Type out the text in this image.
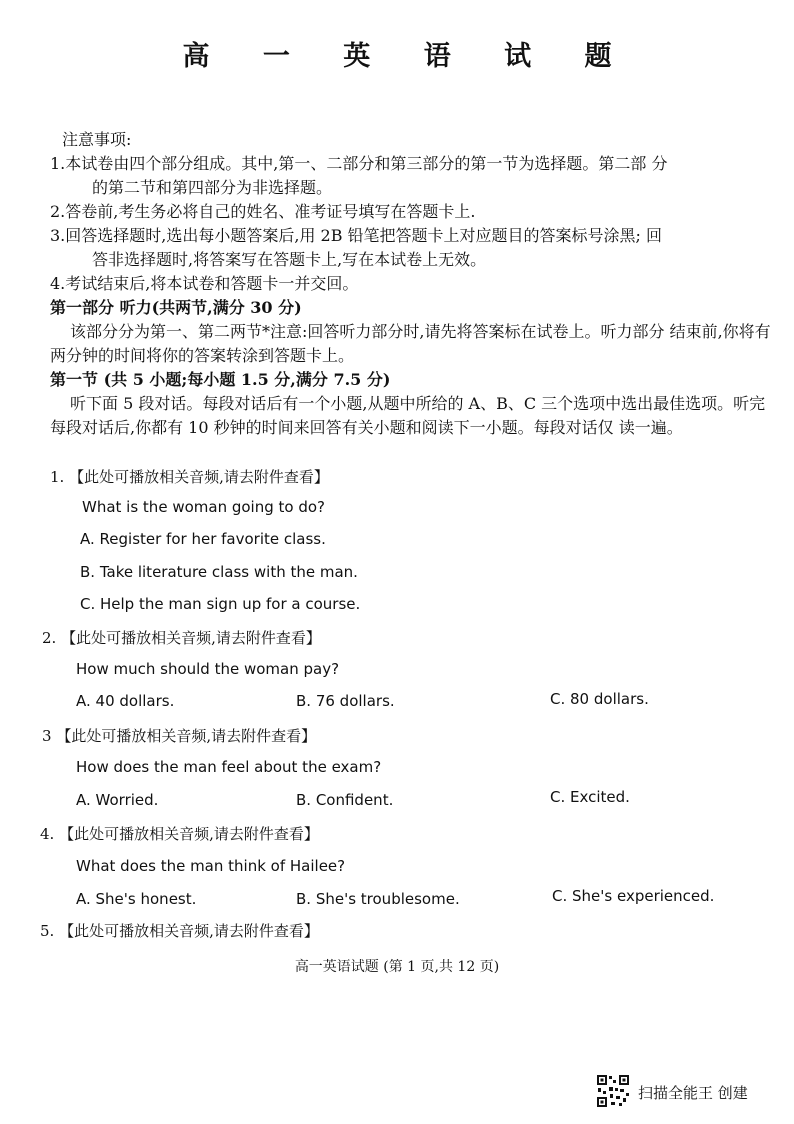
高 一 英 语 试 题
注意事项:
1.本试卷由四个部分组成。其中,第一、二部分和第三部分的第一节为选择题。第二部 分
的第二节和第四部分为非选择题。
2.答卷前,考生务必将自己的姓名、准考证号填写在答题卡上.
3.回答选择题时,选出每小题答案后,用 2B 铅笔把答题卡上对应题目的答案标号涂黑; 回
答非选择题时,将答案写在答题卡上,写在本试卷上无效。
4.考试结束后,将本试卷和答题卡一并交回。
第一部分 听力(共两节,满分 30 分)
该部分分为第一、第二两节*注意:回答听力部分时,请先将答案标在试卷上。听力部分 结束前,你将有两分钟的时间将你的答案转涂到答题卡上。
第一节 (共 5 小题;每小题 1.5 分,满分 7.5 分)
听下面 5 段对话。每段对话后有一个小题,从题中所给的 A、B、C 三个选项中选出最佳选项。听完每段对话后,你都有 10 秒钟的时间来回答有关小题和阅读下一小题。每段对话仅 读一遍。
1. 【此处可播放相关音频,请去附件查看】
What is the woman going to do?
A. Register for her favorite class.
B. Take literature class with the man.
C. Help the man sign up for a course.
2. 【此处可播放相关音频,请去附件查看】
How much should the woman pay?
A. 40 dollars.	B. 76 dollars.	C. 80 dollars.
3 【此处可播放相关音频,请去附件查看】
How does the man feel about the exam?
A. Worried.	B. Confident.	C. Excited.
4. 【此处可播放相关音频,请去附件查看】
What does the man think of Hailee?
A. She's honest.	B. She's troublesome.	C. She's experienced.
5. 【此处可播放相关音频,请去附件查看】
高一英语试题 (第 1 页,共 12 页)
扫描全能王 创建
